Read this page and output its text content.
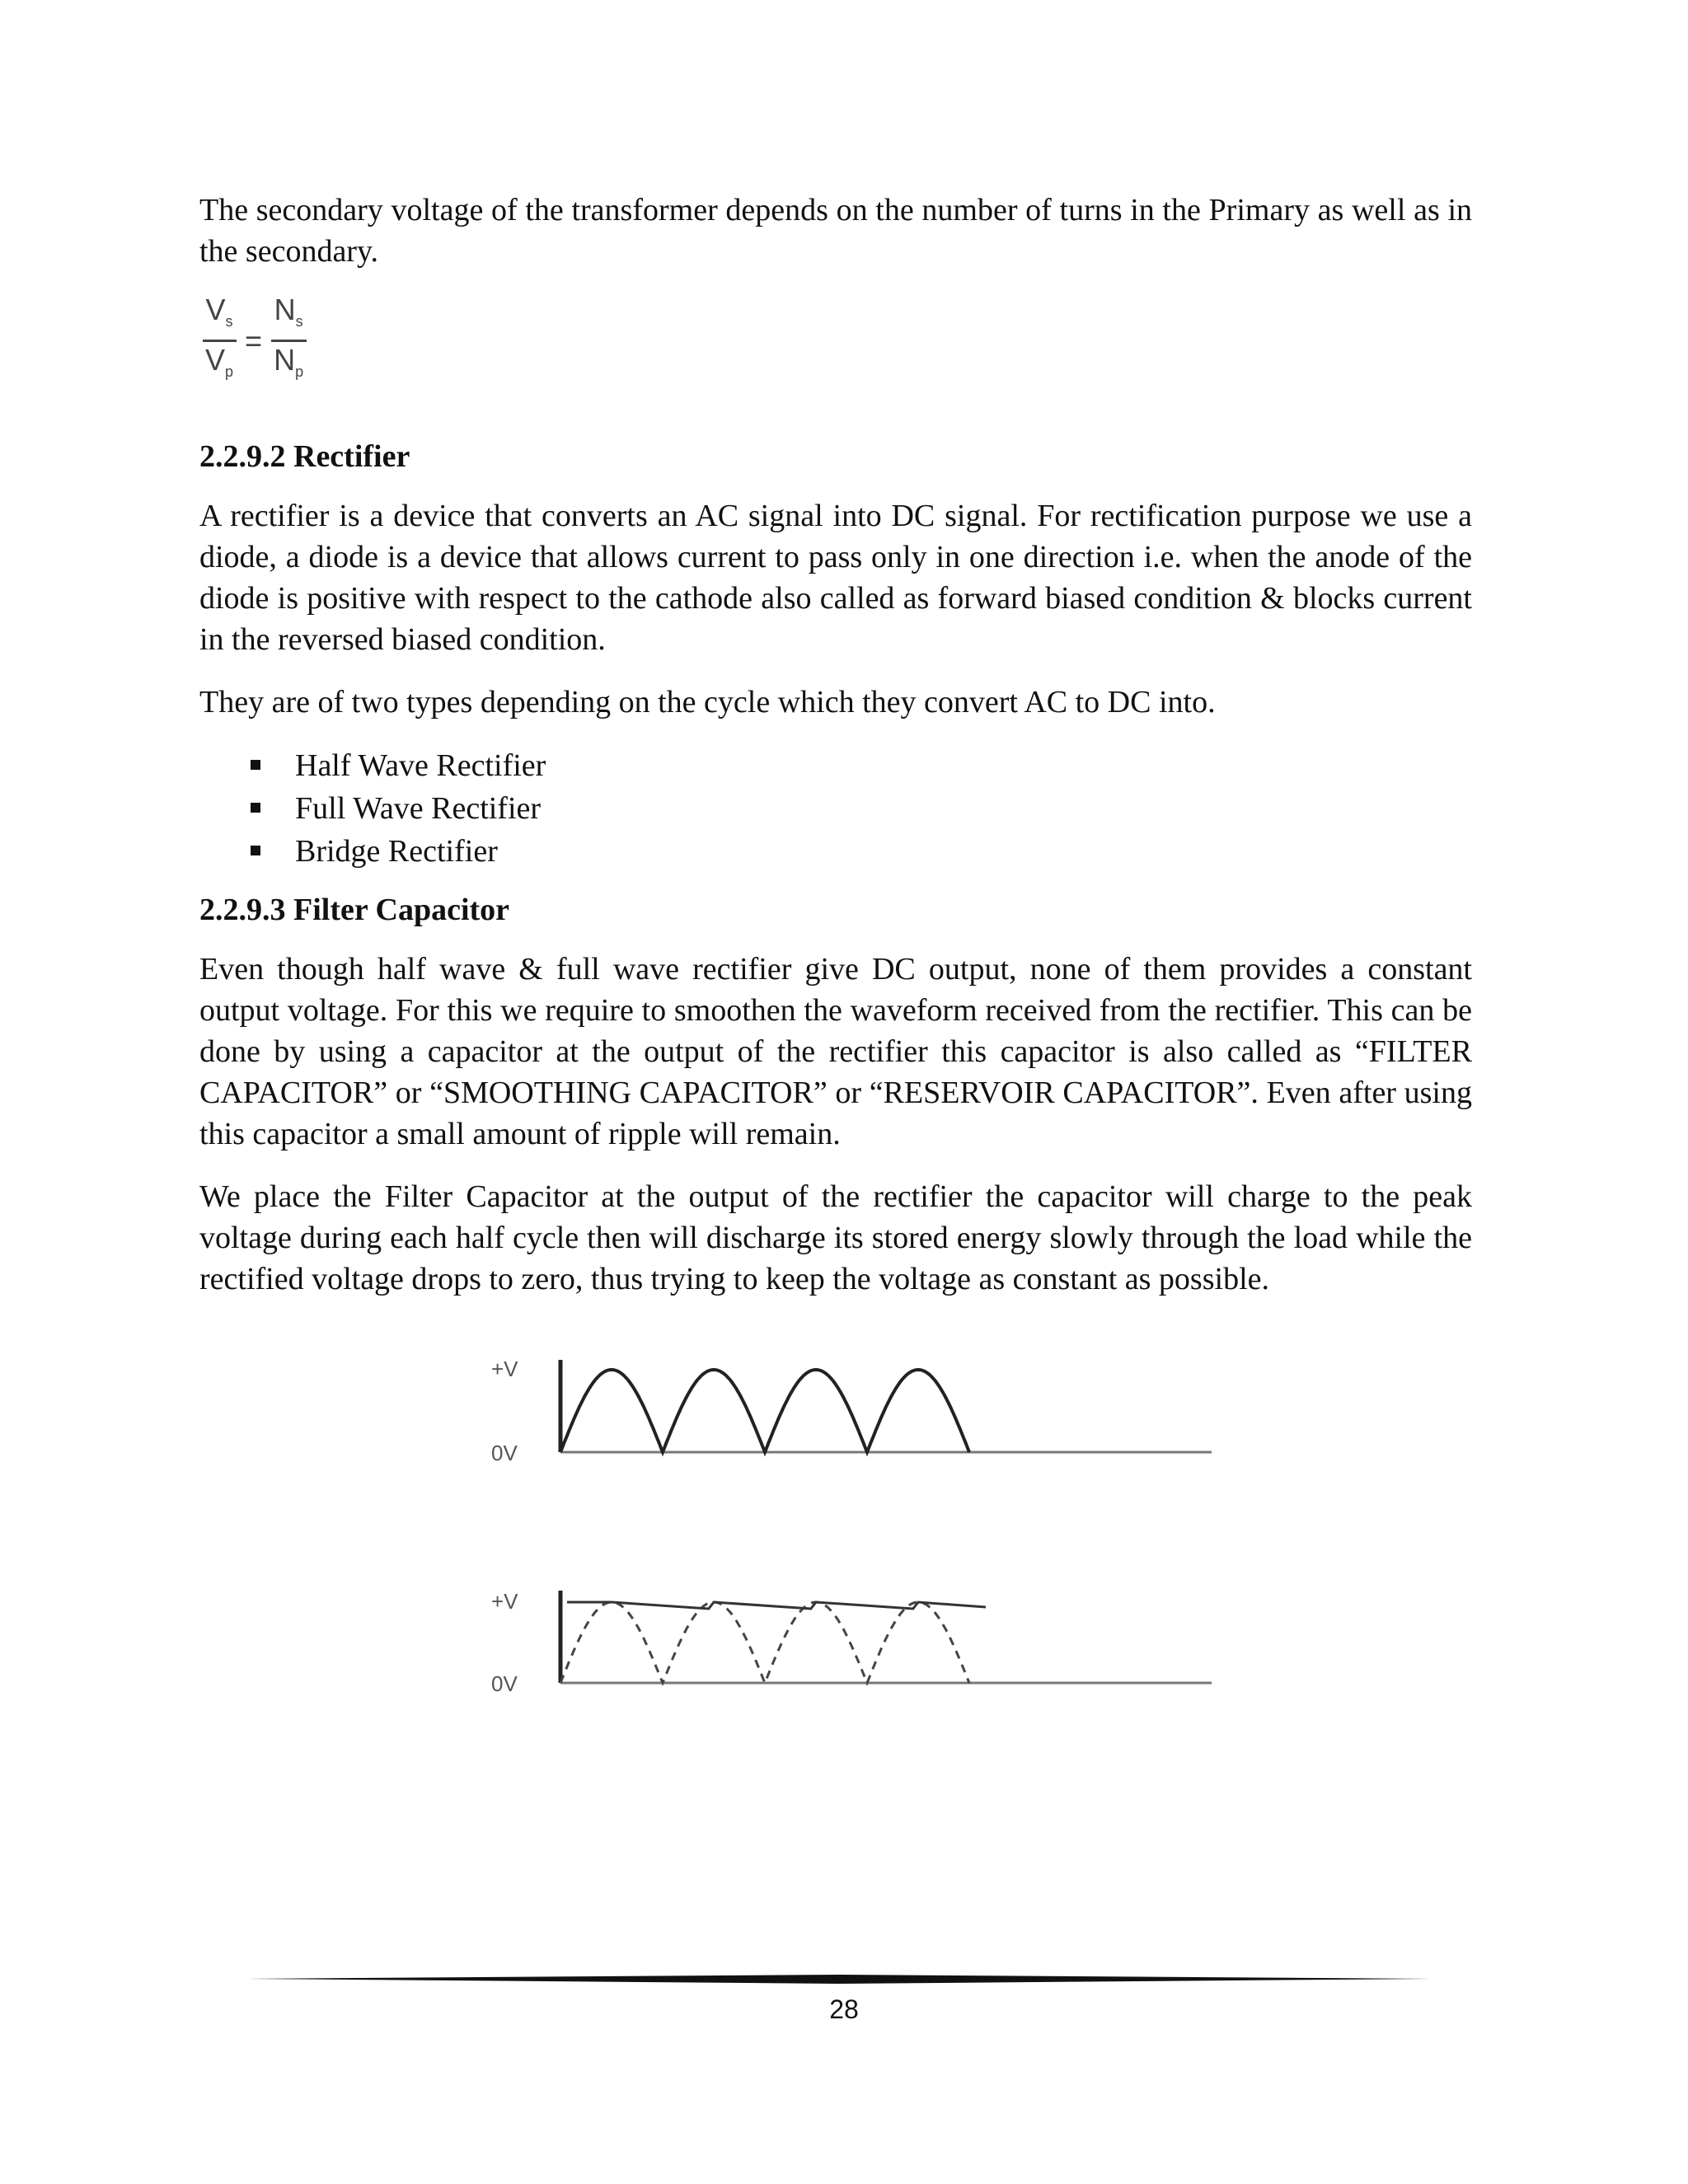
The secondary voltage of the transformer depends on the number of turns in the Primary as well as in the secondary.

$\frac{V_s}{V_p} = \frac{N_s}{N_p}$
2.2.9.2 Rectifier

A rectifier is a device that converts an AC signal into DC signal. For rectification purpose we use a diode, a diode is a device that allows current to pass only in one direction i.e. when the anode of the diode is positive with respect to the cathode also called as forward biased condition & blocks current in the reversed biased condition.

They are of two types depending on the cycle which they convert AC to DC into.

Half Wave Rectifier
Full Wave Rectifier
Bridge Rectifier
2.2.9.3 Filter Capacitor

Even though half wave & full wave rectifier give DC output, none of them provides a constant output voltage. For this we require to smoothen the waveform received from the rectifier. This can be done by using a capacitor at the output of the rectifier this capacitor is also called as “FILTER CAPACITOR” or “SMOOTHING CAPACITOR” or “RESERVOIR CAPACITOR”. Even after using this capacitor a small amount of ripple will remain.

We place the Filter Capacitor at the output of the rectifier the capacitor will charge to the peak voltage during each half cycle then will discharge its stored energy slowly through the load while the rectified voltage drops to zero, thus trying to keep the voltage as constant as possible.

+V
0V
+V
0V
28
